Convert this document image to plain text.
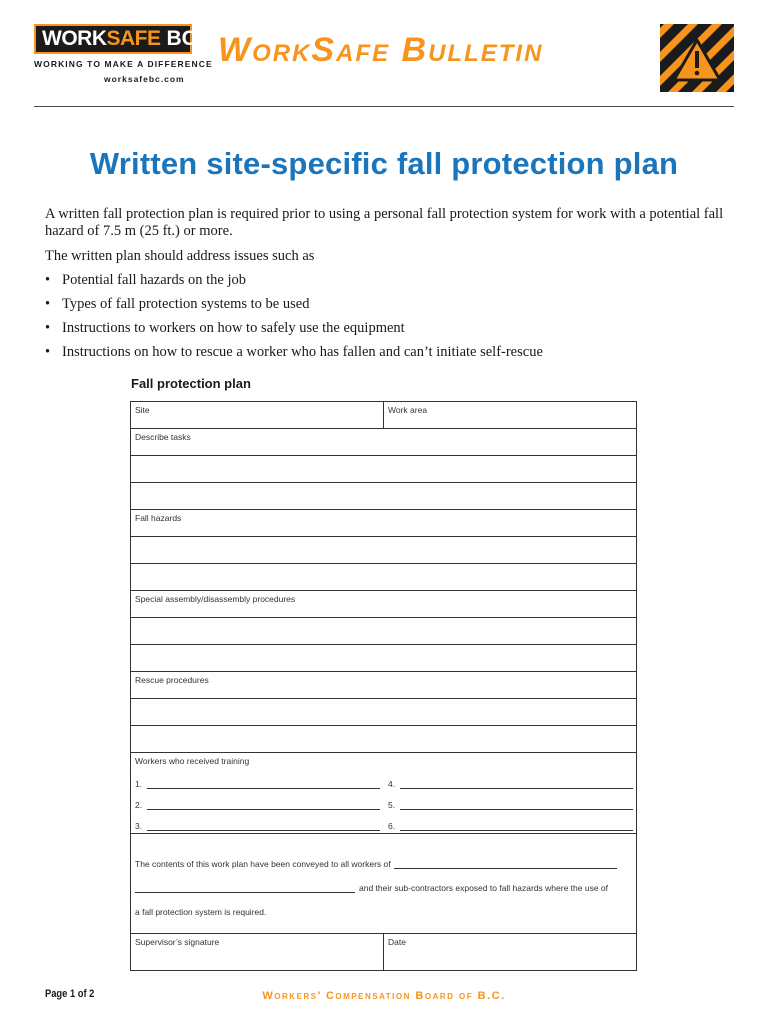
WORK SAFE BC
WORKING TO MAKE A DIFFERENCE
worksafebc.com
WorkSafe Bulletin
Written site-specific fall protection plan

A written fall protection plan is required prior to using a personal fall protection system for work with a potential fall hazard of 7.5 m (25 ft.) or more.

The written plan should address issues such as

• Potential fall hazards on the job
• Types of fall protection systems to be used
• Instructions to workers on how to safely use the equipment
• Instructions on how to rescue a worker who has fallen and can’t initiate self-rescue
Fall protection plan
Site	Work area
Describe tasks
Fall hazards
Special assembly/disassembly procedures
Rescue procedures
Workers who received training
1.
2.
3.
4.
5.
6.
The contents of this work plan have been conveyed to all workers of
and their sub-contractors exposed to fall hazards where the use of
a fall protection system is required.
Supervisor’s signature	Date
Page 1 of 2	Workers’ Compensation Board of B.C.
